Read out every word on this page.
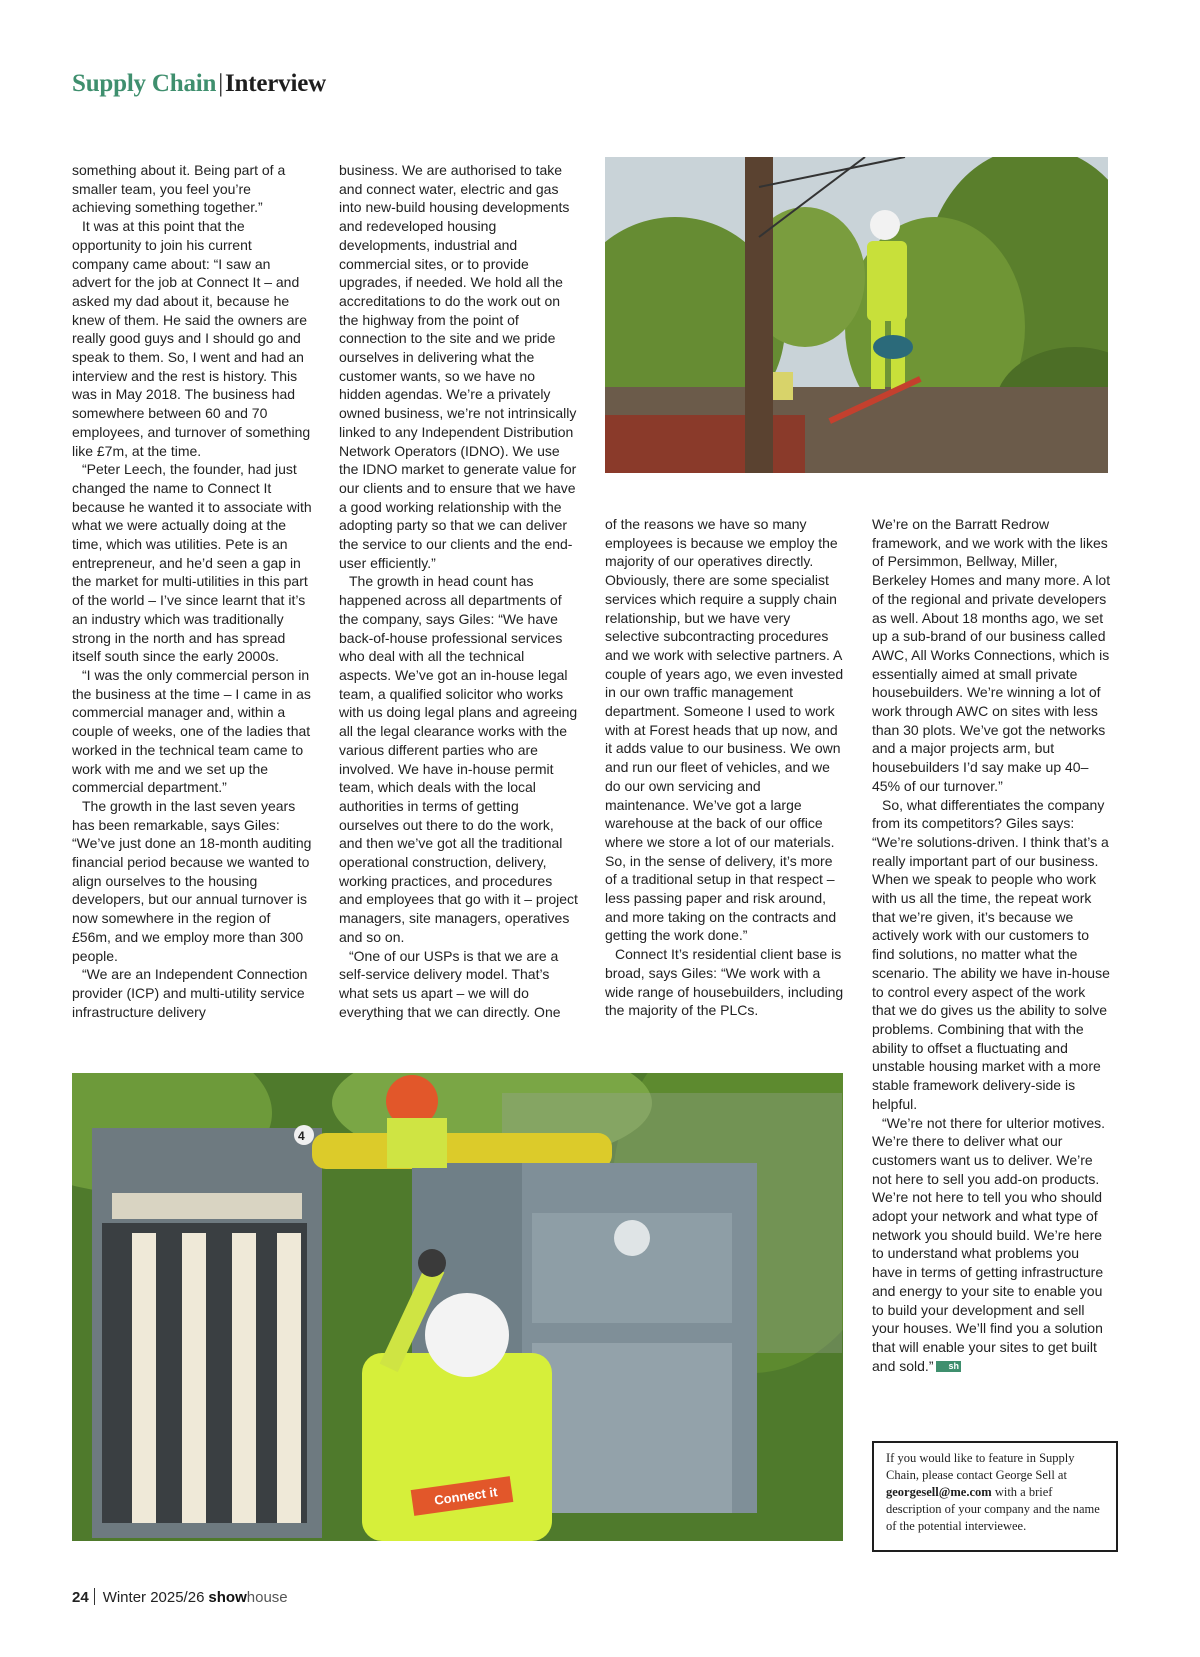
Supply Chain|Interview

something about it. Being part of a smaller team, you feel you’re achieving something together.”

It was at this point that the opportunity to join his current company came about: “I saw an advert for the job at Connect It – and asked my dad about it, because he knew of them. He said the owners are really good guys and I should go and speak to them. So, I went and had an interview and the rest is history. This was in May 2018. The business had somewhere between 60 and 70 employees, and turnover of something like £7m, at the time.

“Peter Leech, the founder, had just changed the name to Connect It because he wanted it to associate with what we were actually doing at the time, which was utilities. Pete is an entrepreneur, and he’d seen a gap in the market for multi-utilities in this part of the world – I’ve since learnt that it’s an industry which was traditionally strong in the north and has spread itself south since the early 2000s.

“I was the only commercial person in the business at the time – I came in as commercial manager and, within a couple of weeks, one of the ladies that worked in the technical team came to work with me and we set up the commercial department.”

The growth in the last seven years has been remarkable, says Giles: “We’ve just done an 18-month auditing financial period because we wanted to align ourselves to the housing developers, but our annual turnover is now somewhere in the region of £56m, and we employ more than 300 people.

“We are an Independent Connection provider (ICP) and multi-utility service infrastructure delivery

business. We are authorised to take and connect water, electric and gas into new-build housing developments and redeveloped housing developments, industrial and commercial sites, or to provide upgrades, if needed. We hold all the accreditations to do the work out on the highway from the point of connection to the site and we pride ourselves in delivering what the customer wants, so we have no hidden agendas. We’re a privately owned business, we’re not intrinsically linked to any Independent Distribution Network Operators (IDNO). We use the IDNO market to generate value for our clients and to ensure that we have a good working relationship with the adopting party so that we can deliver the service to our clients and the end-user efficiently.”

The growth in head count has happened across all departments of the company, says Giles: “We have back-of-house professional services who deal with all the technical aspects. We’ve got an in-house legal team, a qualified solicitor who works with us doing legal plans and agreeing all the legal clearance works with the various different parties who are involved. We have in-house permit team, which deals with the local authorities in terms of getting ourselves out there to do the work, and then we’ve got all the traditional operational construction, delivery, working practices, and procedures and employees that go with it – project managers, site managers, operatives and so on.

“One of our USPs is that we are a self-service delivery model. That’s what sets us apart – we will do everything that we can directly. One

of the reasons we have so many employees is because we employ the majority of our operatives directly. Obviously, there are some specialist services which require a supply chain relationship, but we have very selective subcontracting procedures and we work with selective partners. A couple of years ago, we even invested in our own traffic management department. Someone I used to work with at Forest heads that up now, and it adds value to our business. We own and run our fleet of vehicles, and we do our own servicing and maintenance. We’ve got a large warehouse at the back of our office where we store a lot of our materials. So, in the sense of delivery, it’s more of a traditional setup in that respect – less passing paper and risk around, and more taking on the contracts and getting the work done.”

Connect It’s residential client base is broad, says Giles: “We work with a wide range of housebuilders, including the majority of the PLCs.

We’re on the Barratt Redrow framework, and we work with the likes of Persimmon, Bellway, Miller, Berkeley Homes and many more. A lot of the regional and private developers as well. About 18 months ago, we set up a sub-brand of our business called AWC, All Works Connections, which is essentially aimed at small private housebuilders. We’re winning a lot of work through AWC on sites with less than 30 plots. We’ve got the networks and a major projects arm, but housebuilders I’d say make up 40–45% of our turnover.”

So, what differentiates the company from its competitors? Giles says: “We’re solutions-driven. I think that’s a really important part of our business. When we speak to people who work with us all the time, the repeat work that we’re given, it’s because we actively work with our customers to find solutions, no matter what the scenario. The ability we have in-house to control every aspect of the work that we do gives us the ability to solve problems. Combining that with the ability to offset a fluctuating and unstable housing market with a more stable framework delivery-side is helpful.

“We’re not there for ulterior motives. We’re there to deliver what our customers want us to deliver. We’re not here to sell you add-on products. We’re not here to tell you who should adopt your network and what type of network you should build. We’re here to understand what problems you have in terms of getting infrastructure and energy to your site to enable you to build your development and sell your houses. We’ll find you a solution that will enable your sites to get built and sold.” sh

Connect it
4
If you would like to feature in Supply Chain, please contact George Sell at georgesell@me.com with a brief description of your company and the name of the potential interviewee.
24 Winter 2025/26 showhouse
